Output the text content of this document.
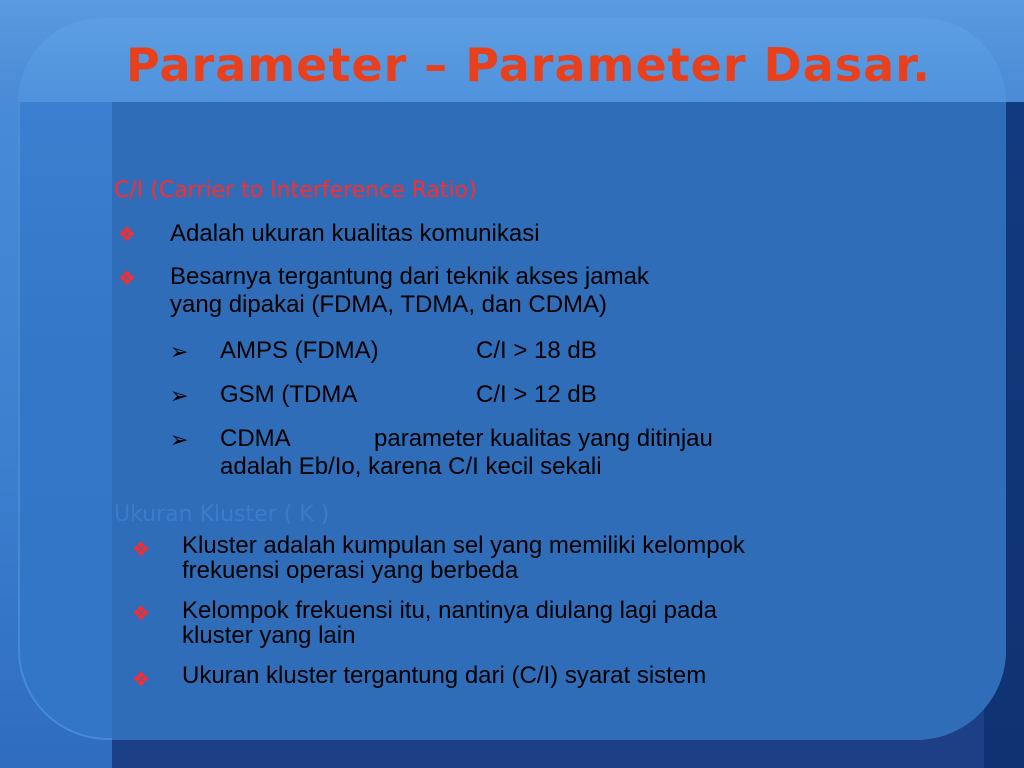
Parameter – Parameter Dasar.
C/I (Carrier to Interference Ratio)
❖ Adalah ukuran kualitas komunikasi
❖ Besarnya tergantung dari teknik akses jamak
yang dipakai (FDMA, TDMA, dan CDMA)
➢ AMPS (FDMA)	C/I > 18 dB
➢ GSM (TDMA	C/I > 12 dB
➢ CDMA	parameter kualitas yang ditinjau
adalah Eb/Io, karena C/I kecil sekali
Ukuran Kluster ( K )
❖ Kluster adalah kumpulan sel yang memiliki kelompok
frekuensi operasi yang berbeda
❖ Kelompok frekuensi itu, nantinya diulang lagi pada
kluster yang lain
❖ Ukuran kluster tergantung dari (C/I) syarat sistem
